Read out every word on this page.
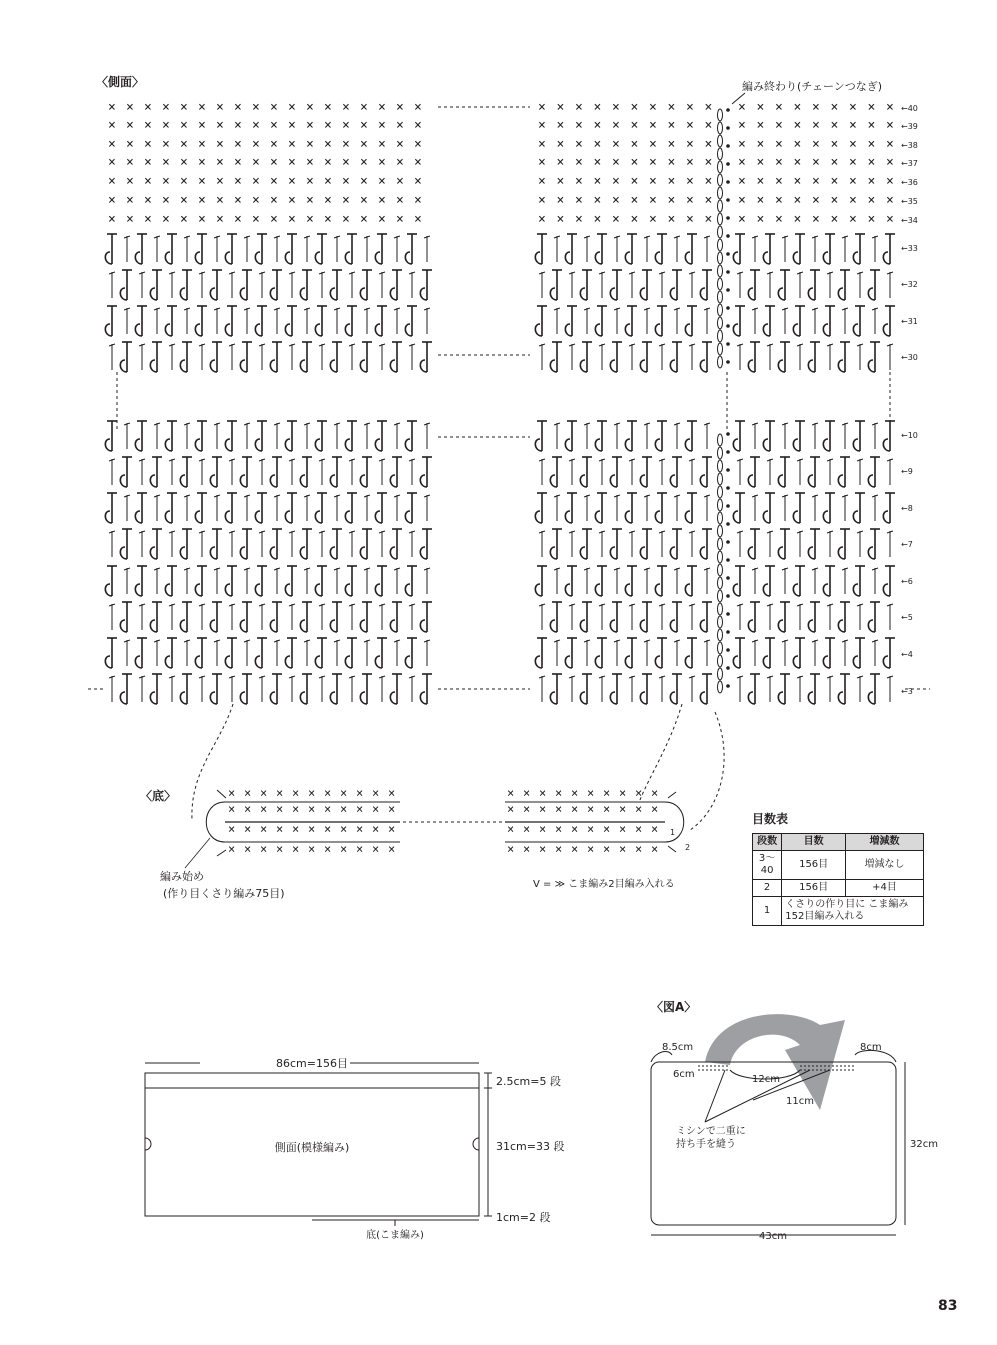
〈側面〉	編み終わり(チェーンつなぎ)
× × × × × × × × × × × × × × × × × ×	× × × × × × × × × × × × × × × × × × ×
× × × × × × × × × × × × × × × × × ×	× × × × × × × × × × × × × × × × × × ×
× × × × × × × × × × × × × × × × × ×	× × × × × × × × × × × × × × × × × × ×
× × × × × × × × × × × × × × × × × ×	× × × × × × × × × × × × × × × × × × ×
× × × × × × × × × × × × × × × × × ×	× × × × × × × × × × × × × × × × × × ×
× × × × × × × × × × × × × × × × × ×	× × × × × × × × × × × × × × × × × × ×
× × × × × × × × × × × × × × × × × ×	× × × × × × × × × × × × × × × × × × ×
←40
←39
←38
←37
←36
←35
←34
←33
←32
←31
←30
←10
←9
←8
←7
←6
←5
←4
←3
〈底〉	× × × × × × × × × × ×	× × × × × × × × × ×
× × × × × × × × × × ×	× × × × × × × × × ×
× × × × × × × × × × ×	× × × × × × × × × ×
× × × × × × × × × × ×	× × × × × × × × × ×
1
2
編み始め
(作り目くさり編み75目)
V = ≫ こま編み2目編み入れる
86cm=156目
側面(模様編み)
2.5cm=5 段
31cm=33 段
1cm=2 段
底(こま編み)
〈図A〉
8.5cm	8cm
6cm	12cm
11cm
ミシンで二重に
持ち手を縫う	32cm
43cm
目数表
段数	目数	増減数
3～40	156目	増減なし
2	156目	+4目
1	くさりの作り目に こま編み152目編み入れる	
83
